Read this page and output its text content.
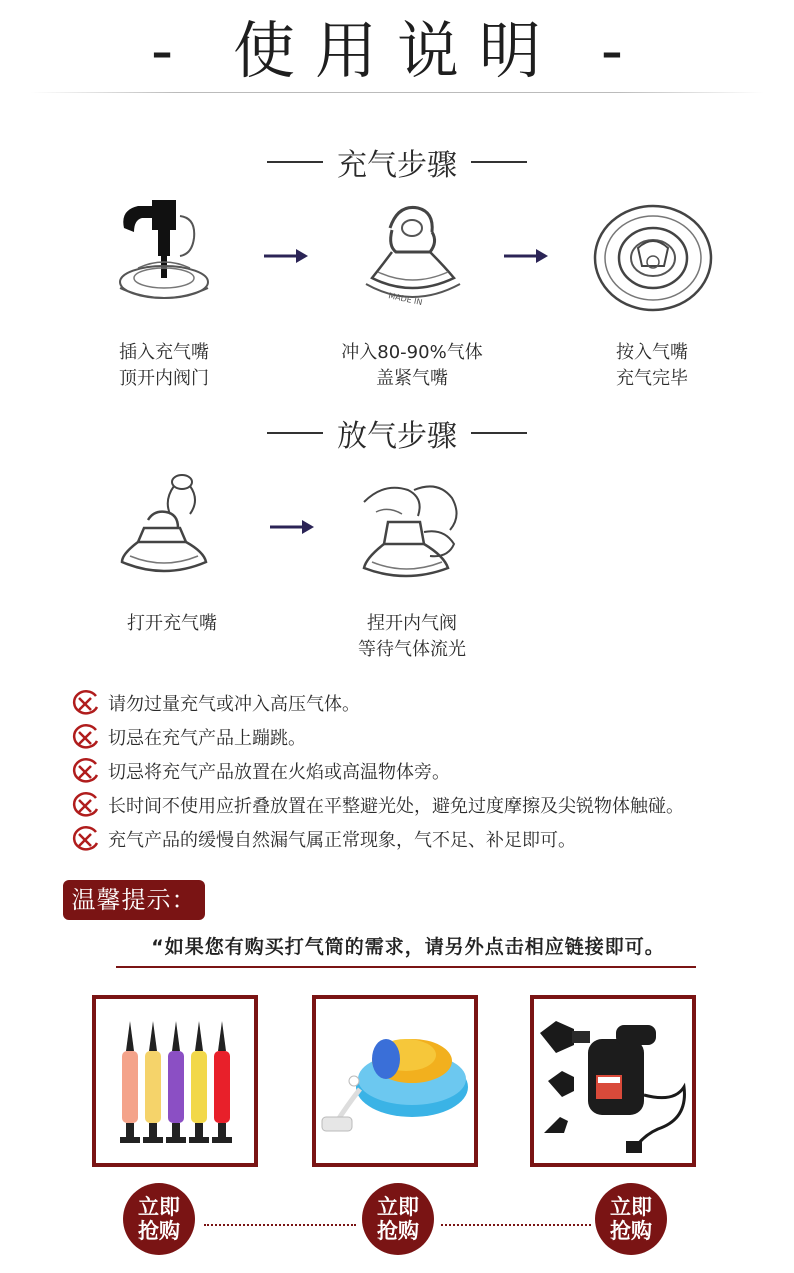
- 使用说明 -
充气步骤
MADE IN
插入充气嘴
顶开内阀门
冲入80-90%气体
盖紧气嘴
按入气嘴
充气完毕
放气步骤
打开充气嘴	捏开内气阀
等待气体流光
请勿过量充气或冲入高压气体。
切忌在充气产品上蹦跳。
切忌将充气产品放置在火焰或高温物体旁。
长时间不使用应折叠放置在平整避光处，避免过度摩擦及尖锐物体触碰。
充气产品的缓慢自然漏气属正常现象，气不足、补足即可。
温馨提示：
“如果您有购买打气筒的需求，请另外点击相应链接即可。
立即
抢购
立即
抢购
立即
抢购
